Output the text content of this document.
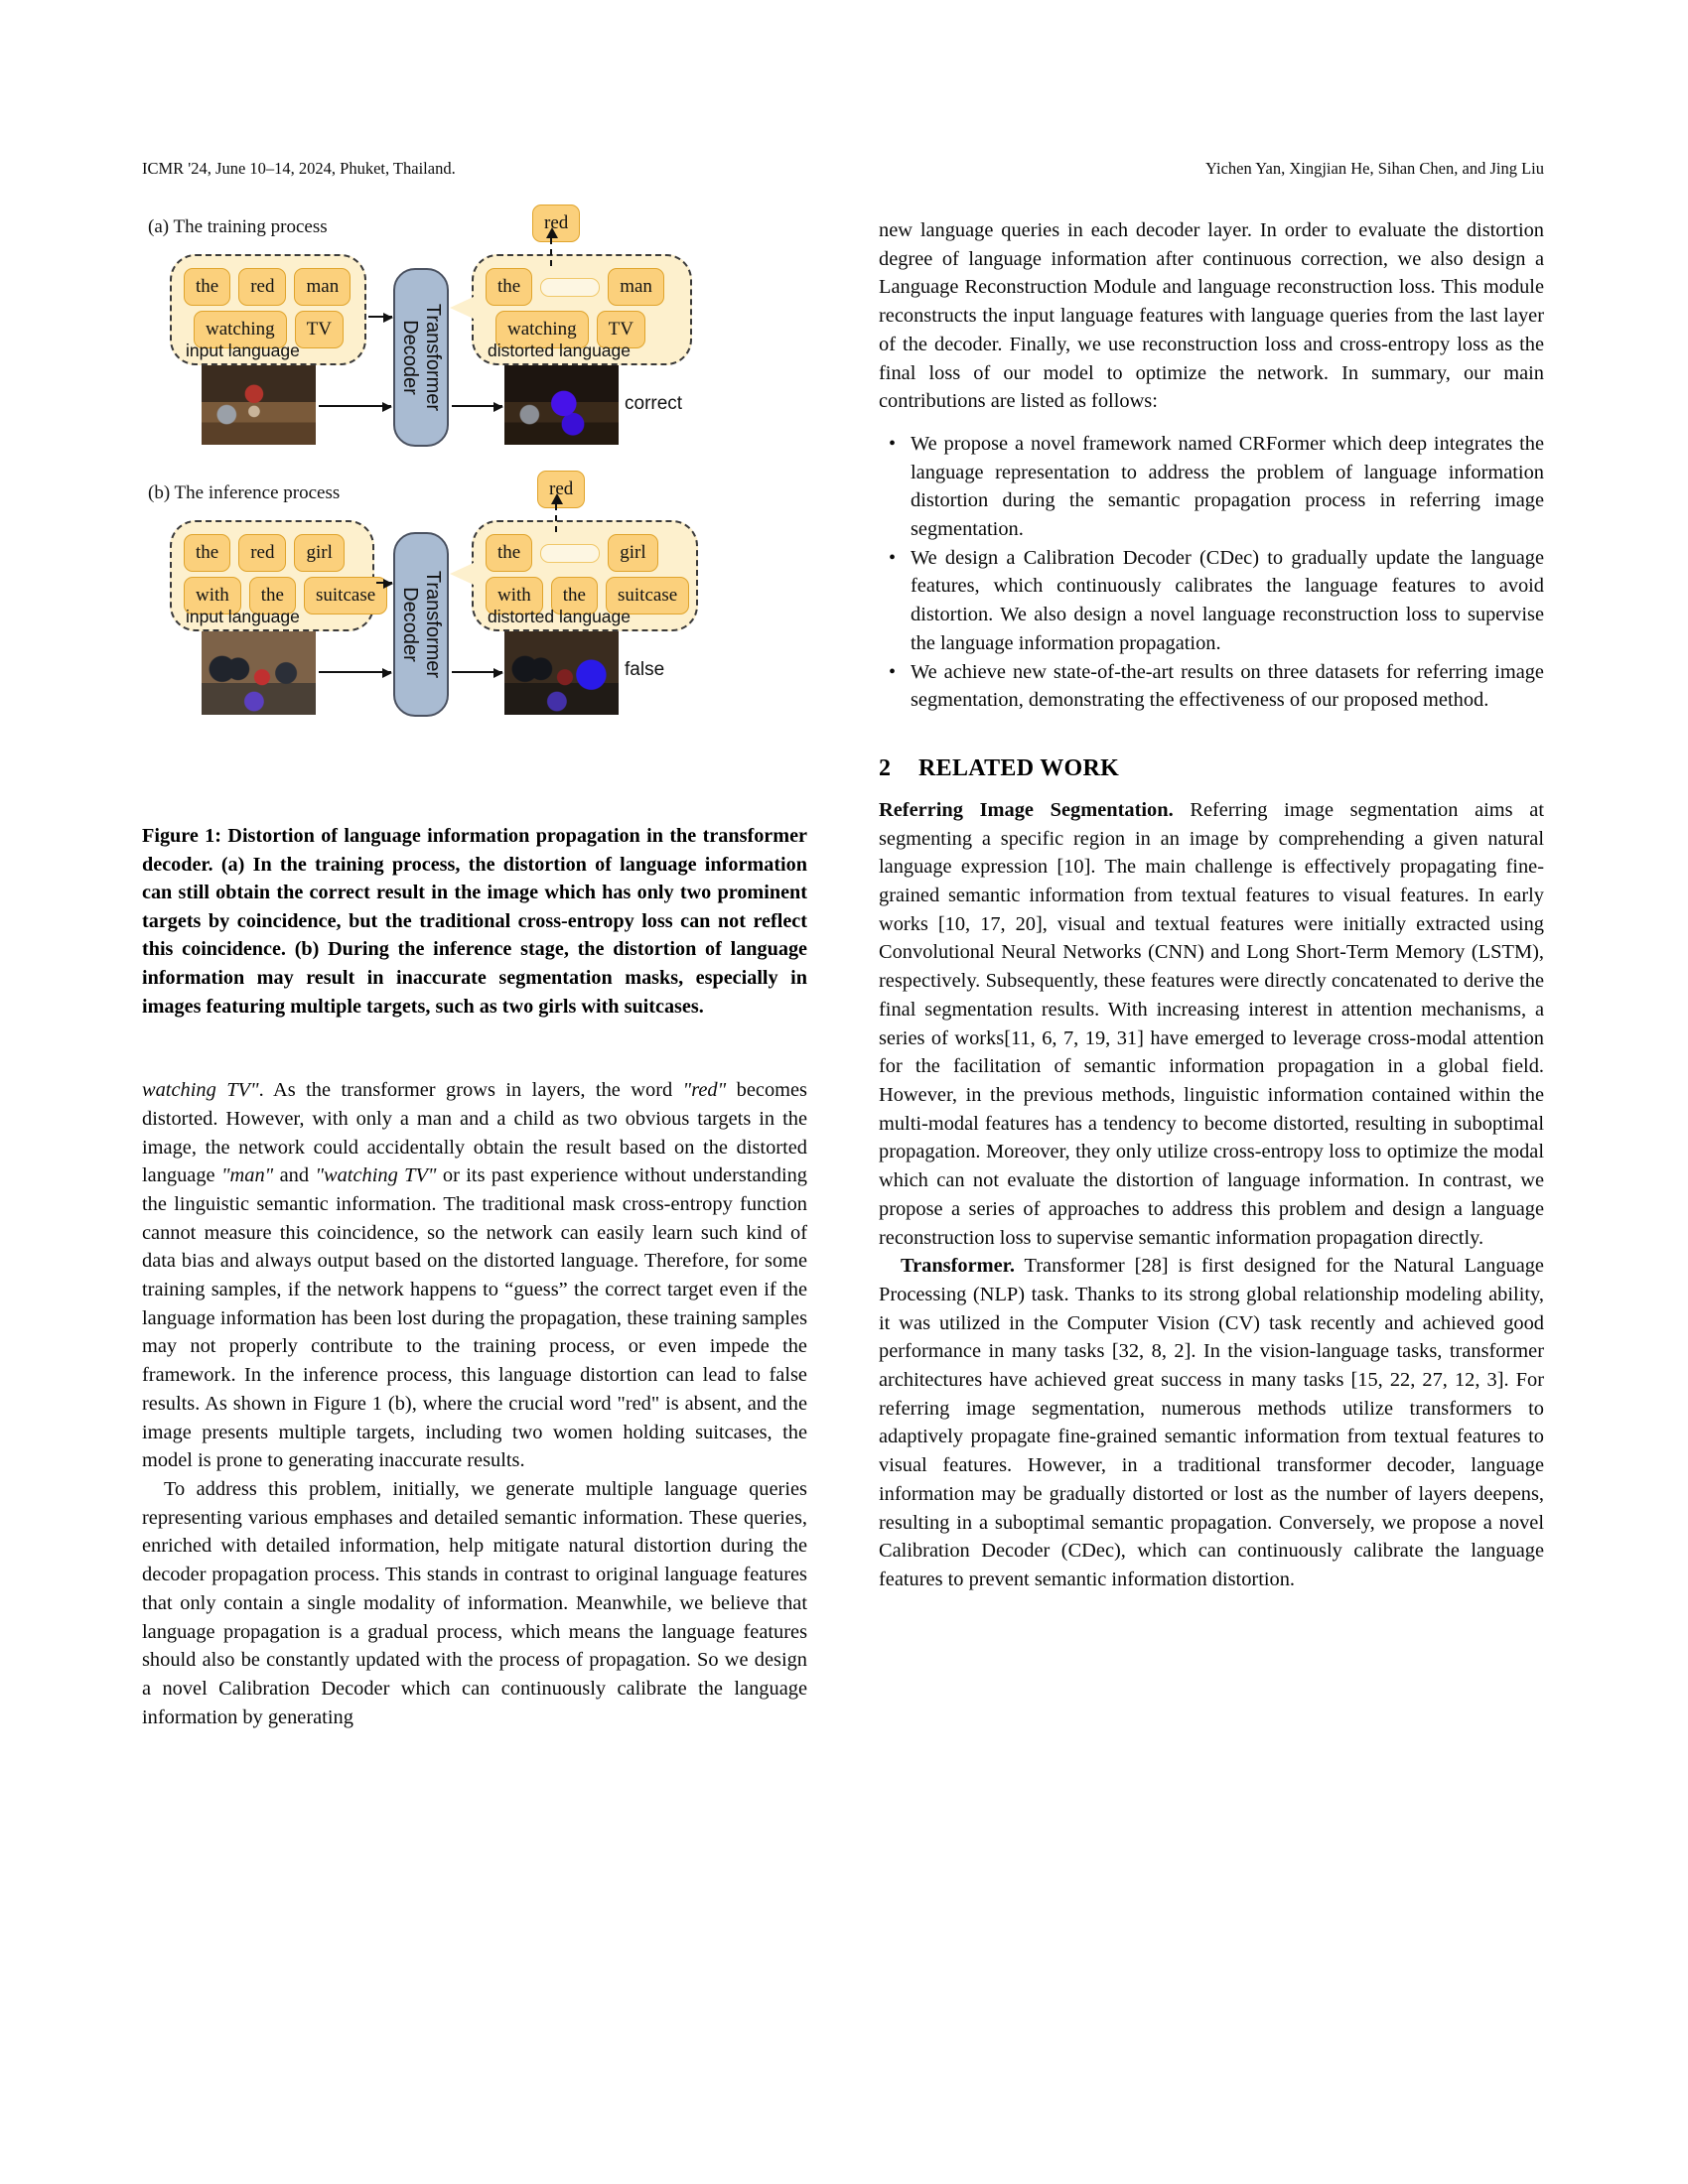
ICMR '24, June 10–14, 2024, Phuket, Thailand.	Yichen Yan, Xingjian He, Sihan Chen, and Jing Liu
(a) The training process
the	red	man
watching	TV
input language	Transformer
Decoder
the	man
watching	TV
distorted language
red
correct
(b) The inference process
the	red	girl
with	the	suitcase
input language	Transformer
Decoder
the	girl
with	the	suitcase
distorted language
red
false

Figure 1: Distortion of language information propagation in the transformer decoder. (a) In the training process, the distortion of language information can still obtain the correct result in the image which has only two prominent targets by coincidence, but the traditional cross-entropy loss can not reflect this coincidence. (b) During the inference stage, the distortion of language information may result in inaccurate segmentation masks, especially in images featuring multiple targets, such as two girls with suitcases.

watching TV". As the transformer grows in layers, the word "red" becomes distorted. However, with only a man and a child as two obvious targets in the image, the network could accidentally obtain the result based on the distorted language "man" and "watching TV" or its past experience without understanding the linguistic semantic information. The traditional mask cross-entropy function cannot measure this coincidence, so the network can easily learn such kind of data bias and always output based on the distorted language. Therefore, for some training samples, if the network happens to “guess” the correct target even if the language information has been lost during the propagation, these training samples may not properly contribute to the training process, or even impede the framework. In the inference process, this language distortion can lead to false results. As shown in Figure 1 (b), where the crucial word "red" is absent, and the image presents multiple targets, including two women holding suitcases, the model is prone to generating inaccurate results.

To address this problem, initially, we generate multiple language queries representing various emphases and detailed semantic information. These queries, enriched with detailed information, help mitigate natural distortion during the decoder propagation process. This stands in contrast to original language features that only contain a single modality of information. Meanwhile, we believe that language propagation is a gradual process, which means the language features should also be constantly updated with the process of propagation. So we design a novel Calibration Decoder which can continuously calibrate the language information by generating

new language queries in each decoder layer. In order to evaluate the distortion degree of language information after continuous correction, we also design a Language Reconstruction Module and language reconstruction loss. This module reconstructs the input language features with language queries from the last layer of the decoder. Finally, we use reconstruction loss and cross-entropy loss as the final loss of our model to optimize the network. In summary, our main contributions are listed as follows:

• We propose a novel framework named CRFormer which deep integrates the language representation to address the problem of language information distortion during the semantic propagation process in referring image segmentation.
• We design a Calibration Decoder (CDec) to gradually update the language features, which continuously calibrates the language features to avoid distortion. We also design a novel language reconstruction loss to supervise the language information propagation.
• We achieve new state-of-the-art results on three datasets for referring image segmentation, demonstrating the effectiveness of our proposed method.
2 RELATED WORK

Referring Image Segmentation. Referring image segmentation aims at segmenting a specific region in an image by comprehending a given natural language expression [10]. The main challenge is effectively propagating fine-grained semantic information from textual features to visual features. In early works [10, 17, 20], visual and textual features were initially extracted using Convolutional Neural Networks (CNN) and Long Short-Term Memory (LSTM), respectively. Subsequently, these features were directly concatenated to derive the final segmentation results. With increasing interest in attention mechanisms, a series of works[11, 6, 7, 19, 31] have emerged to leverage cross-modal attention for the facilitation of semantic information propagation in a global field. However, in the previous methods, linguistic information contained within the multi-modal features has a tendency to become distorted, resulting in suboptimal propagation. Moreover, they only utilize cross-entropy loss to optimize the modal which can not evaluate the distortion of language information. In contrast, we propose a series of approaches to address this problem and design a language reconstruction loss to supervise semantic information propagation directly.

Transformer. Transformer [28] is first designed for the Natural Language Processing (NLP) task. Thanks to its strong global relationship modeling ability, it was utilized in the Computer Vision (CV) task recently and achieved good performance in many tasks [32, 8, 2]. In the vision-language tasks, transformer architectures have achieved great success in many tasks [15, 22, 27, 12, 3]. For referring image segmentation, numerous methods utilize transformers to adaptively propagate fine-grained semantic information from textual features to visual features. However, in a traditional transformer decoder, language information may be gradually distorted or lost as the number of layers deepens, resulting in a suboptimal semantic propagation. Conversely, we propose a novel Calibration Decoder (CDec), which can continuously calibrate the language features to prevent semantic information distortion.
